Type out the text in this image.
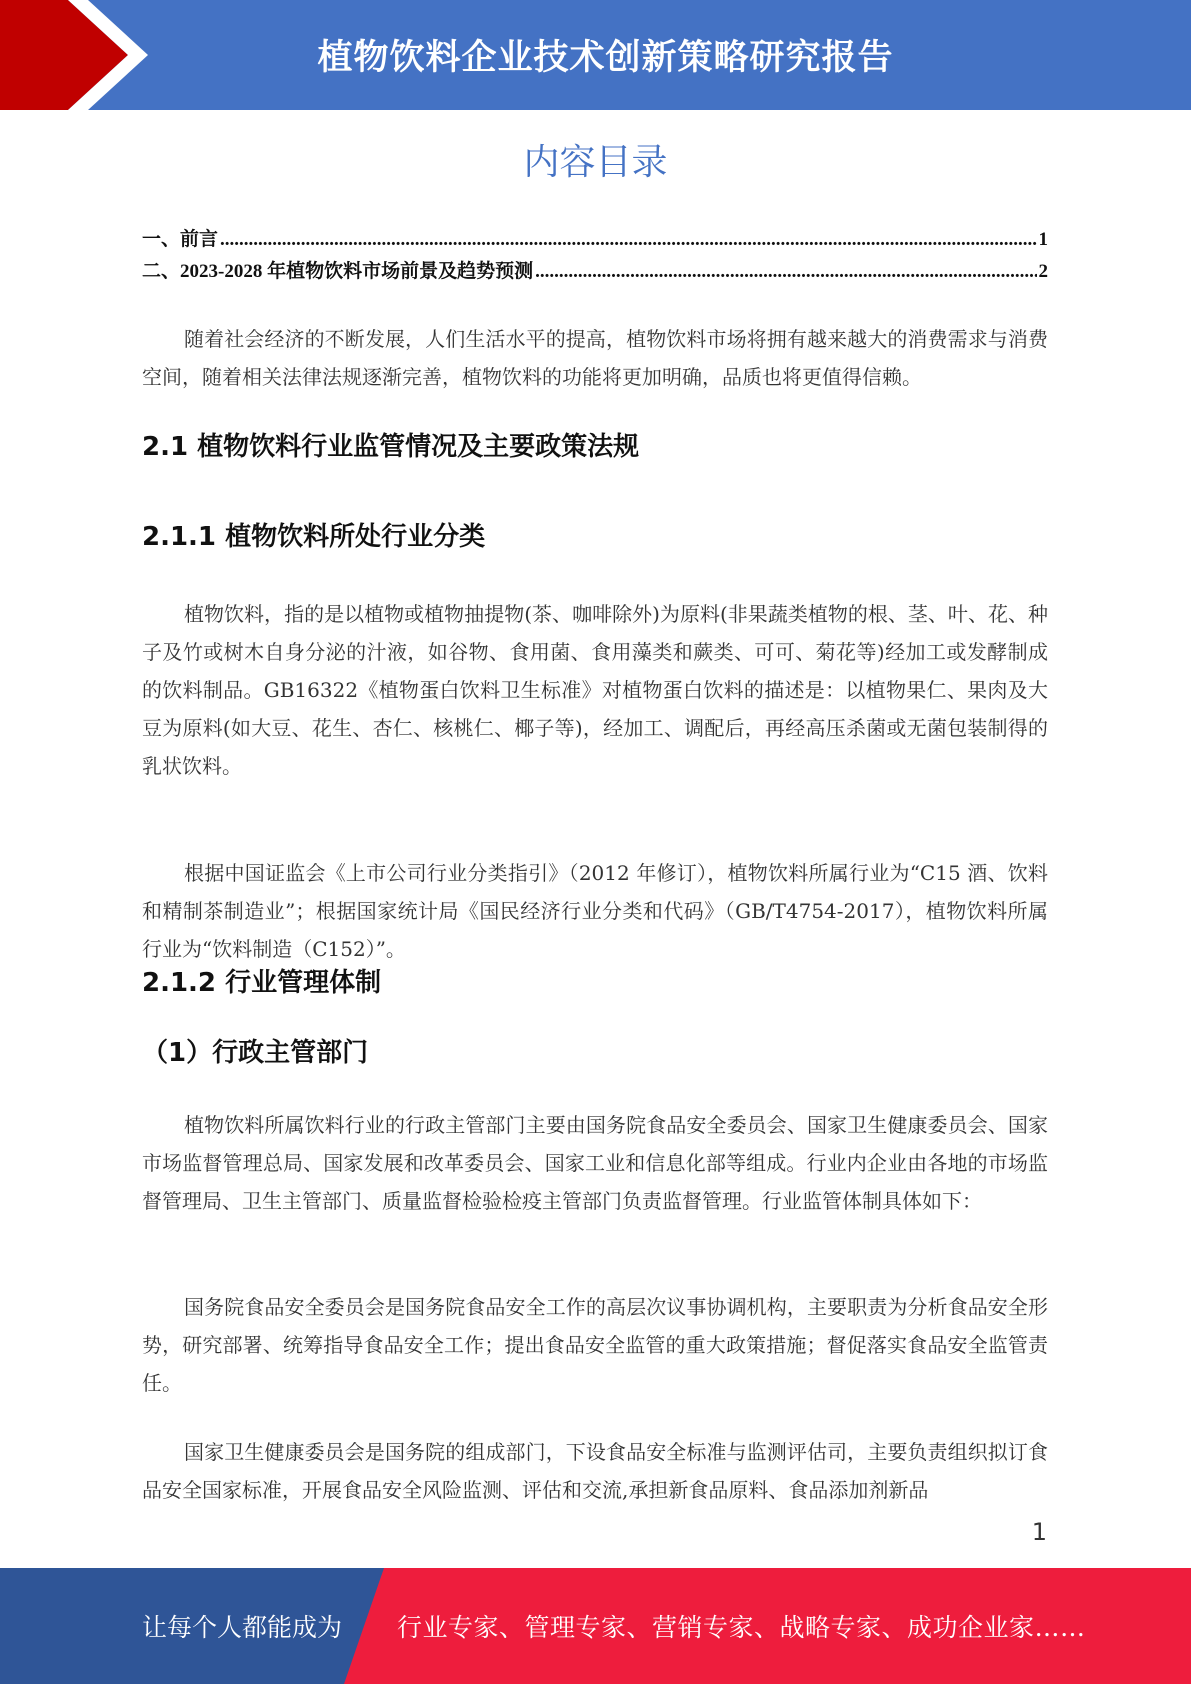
植物饮料企业技术创新策略研究报告
内容目录
一、前言 .....	1
二、2023-2028 年植物饮料市场前景及趋势预测 .....	2

随着社会经济的不断发展，人们生活水平的提高，植物饮料市场将拥有越来越大的消费需求与消费空间，随着相关法律法规逐渐完善，植物饮料的功能将更加明确，品质也将更值得信赖。

2.1 植物饮料行业监管情况及主要政策法规
2.1.1 植物饮料所处行业分类

植物饮料，指的是以植物或植物抽提物(茶、咖啡除外)为原料(非果蔬类植物的根、茎、叶、花、种子及竹或树木自身分泌的汁液，如谷物、食用菌、食用藻类和蕨类、可可、菊花等)经加工或发酵制成的饮料制品。GB16322《植物蛋白饮料卫生标准》对植物蛋白饮料的描述是：以植物果仁、果肉及大豆为原料(如大豆、花生、杏仁、核桃仁、椰子等)，经加工、调配后，再经高压杀菌或无菌包装制得的乳状饮料。

根据中国证监会《上市公司行业分类指引》（2012 年修订），植物饮料所属行业为“C15 酒、饮料和精制茶制造业”；根据国家统计局《国民经济行业分类和代码》（GB/T4754-2017），植物饮料所属行业为“饮料制造（C152）”。

2.1.2 行业管理体制
（1）行政主管部门

植物饮料所属饮料行业的行政主管部门主要由国务院食品安全委员会、国家卫生健康委员会、国家市场监督管理总局、国家发展和改革委员会、国家工业和信息化部等组成。行业内企业由各地的市场监督管理局、卫生主管部门、质量监督检验检疫主管部门负责监督管理。行业监管体制具体如下：

国务院食品安全委员会是国务院食品安全工作的高层次议事协调机构，主要职责为分析食品安全形势，研究部署、统筹指导食品安全工作；提出食品安全监管的重大政策措施；督促落实食品安全监管责任。

国家卫生健康委员会是国务院的组成部门，下设食品安全标准与监测评估司，主要负责组织拟订食品安全国家标准，开展食品安全风险监测、评估和交流,承担新食品原料、食品添加剂新品

1
让每个人都能成为 行业专家、管理专家、营销专家、战略专家、成功企业家……
